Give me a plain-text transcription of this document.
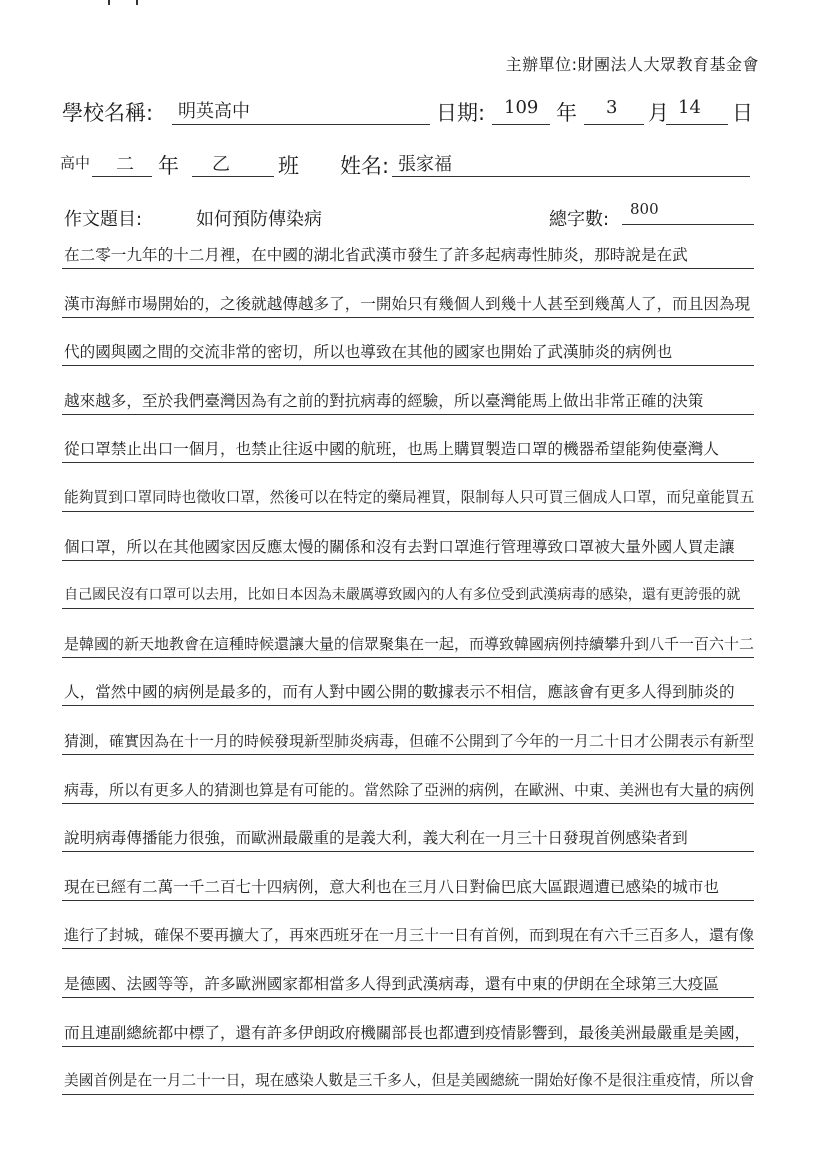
主辦單位:財團法人大眾教育基金會
學校名稱: 明英高中	日期: 109 年 3 月 14 日
高中 二 年 乙 班 姓名: 張家福
作文題目:	如何預防傳染病	總字數: 800
在二零一九年的十二月裡，在中國的湖北省武漢市發生了許多起病毒性肺炎，那時說是在武
漢市海鮮市場開始的，之後就越傳越多了，一開始只有幾個人到幾十人甚至到幾萬人了，而且因為現
代的國與國之間的交流非常的密切，所以也導致在其他的國家也開始了武漢肺炎的病例也
越來越多，至於我們臺灣因為有之前的對抗病毒的經驗，所以臺灣能馬上做出非常正確的決策
從口罩禁止出口一個月，也禁止往返中國的航班，也馬上購買製造口罩的機器希望能夠使臺灣人
能夠買到口罩同時也徵收口罩，然後可以在特定的藥局裡買，限制每人只可買三個成人口罩，而兒童能買五
個口罩，所以在其他國家因反應太慢的關係和沒有去對口罩進行管理導致口罩被大量外國人買走讓
自己國民沒有口罩可以去用，比如日本因為未嚴厲導致國內的人有多位受到武漢病毒的感染，還有更誇張的就
是韓國的新天地教會在這種時候還讓大量的信眾聚集在一起，而導致韓國病例持續攀升到八千一百六十二
人，當然中國的病例是最多的，而有人對中國公開的數據表示不相信，應該會有更多人得到肺炎的
猜測，確實因為在十一月的時候發現新型肺炎病毒，但確不公開到了今年的一月二十日才公開表示有新型
病毒，所以有更多人的猜測也算是有可能的。當然除了亞洲的病例，在歐洲、中東、美洲也有大量的病例
說明病毒傳播能力很強，而歐洲最嚴重的是義大利，義大利在一月三十日發現首例感染者到
現在已經有二萬一千二百七十四病例，意大利也在三月八日對倫巴底大區跟週遭已感染的城市也
進行了封城，確保不要再擴大了，再來西班牙在一月三十一日有首例，而到現在有六千三百多人，還有像
是德國、法國等等，許多歐洲國家都相當多人得到武漢病毒，還有中東的伊朗在全球第三大疫區
而且連副總統都中標了，還有許多伊朗政府機關部長也都遭到疫情影響到，最後美洲最嚴重是美國，
美國首例是在一月二十一日，現在感染人數是三千多人，但是美國總統一開始好像不是很注重疫情，所以會
